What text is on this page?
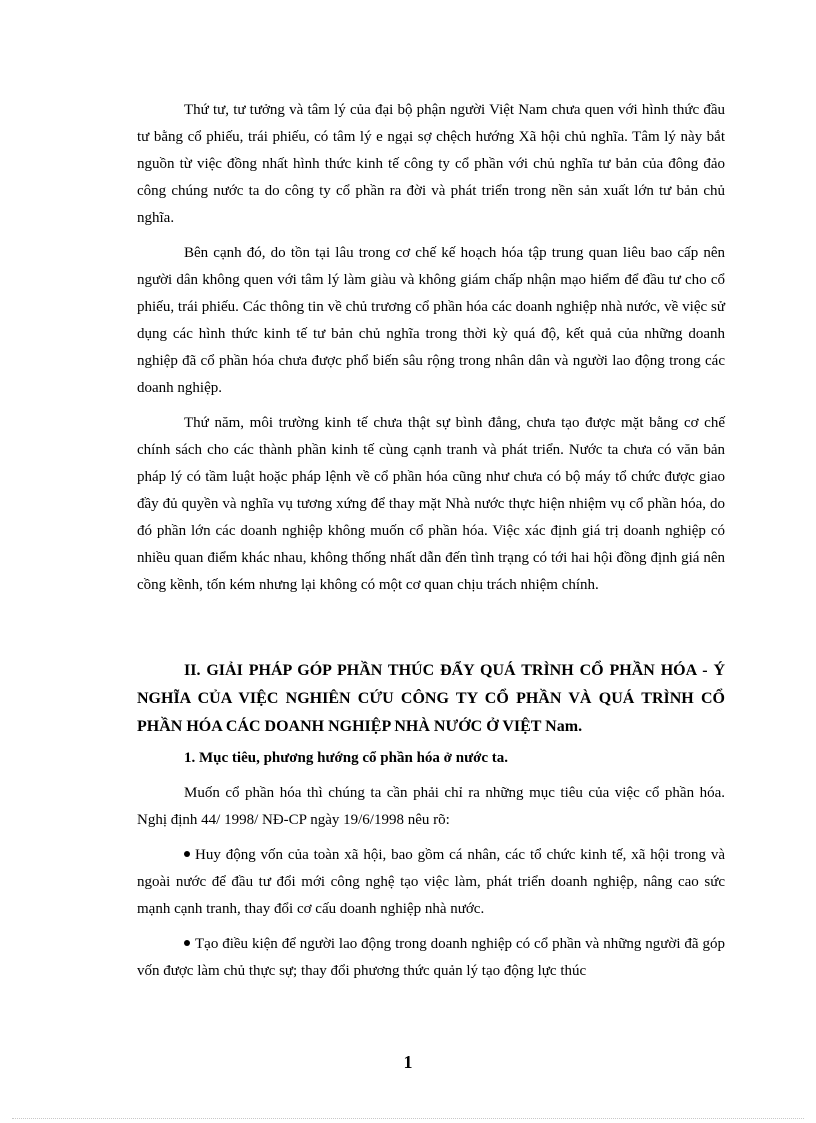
Thứ tư, tư tưởng và tâm lý của đại bộ phận người Việt Nam chưa quen với hình thức đầu tư bằng cổ phiếu, trái phiếu, có tâm lý e ngại sợ chệch hướng Xã hội chủ nghĩa. Tâm lý này bắt nguồn từ việc đồng nhất hình thức kinh tế công ty cổ phần với chủ nghĩa tư bản của đông đảo công chúng nước ta do công ty cổ phần ra đời và phát triển trong nền sản xuất lớn tư bản chủ nghĩa.

Bên cạnh đó, do tồn tại lâu trong cơ chế kế hoạch hóa tập trung quan liêu bao cấp nên người dân không quen với tâm lý làm giàu và không giám chấp nhận mạo hiểm để đầu tư cho cổ phiếu, trái phiếu. Các thông tin về chủ trương cổ phần hóa các doanh nghiệp nhà nước, về việc sử dụng các hình thức kinh tế tư bản chủ nghĩa trong thời kỳ quá độ, kết quả của những doanh nghiệp đã cổ phần hóa chưa được phổ biến sâu rộng trong nhân dân và người lao động trong các doanh nghiệp.

Thứ năm, môi trường kinh tế chưa thật sự bình đẳng, chưa tạo được mặt bằng cơ chế chính sách cho các thành phần kinh tế cùng cạnh tranh và phát triển. Nước ta chưa có văn bản pháp lý có tầm luật hoặc pháp lệnh về cổ phần hóa cũng như chưa có bộ máy tổ chức được giao đầy đủ quyền và nghĩa vụ tương xứng để thay mặt Nhà nước thực hiện nhiệm vụ cổ phần hóa, do đó phần lớn các doanh nghiệp không muốn cổ phần hóa. Việc xác định giá trị doanh nghiệp có nhiều quan điểm khác nhau, không thống nhất dẫn đến tình trạng có tới hai hội đồng định giá nên cồng kềnh, tốn kém nhưng lại không có một cơ quan chịu trách nhiệm chính.

II. GIẢI PHÁP GÓP PHẦN THÚC ĐẨY QUÁ TRÌNH CỔ PHẦN HÓA - Ý NGHĨA CỦA VIỆC NGHIÊN CỨU CÔNG TY CỔ PHẦN VÀ QUÁ TRÌNH CỔ PHẦN HÓA CÁC DOANH NGHIỆP NHÀ NƯỚC Ở VIỆT Nam.

1. Mục tiêu, phương hướng cổ phần hóa ở nước ta.

Muốn cổ phần hóa thì chúng ta cần phải chỉ ra những mục tiêu của việc cổ phần hóa. Nghị định 44/ 1998/ NĐ-CP ngày 19/6/1998 nêu rõ:

Huy động vốn của toàn xã hội, bao gồm cá nhân, các tổ chức kinh tế, xã hội trong và ngoài nước để đầu tư đổi mới công nghệ tạo việc làm, phát triển doanh nghiệp, nâng cao sức mạnh cạnh tranh, thay đổi cơ cấu doanh nghiệp nhà nước.

Tạo điều kiện để người lao động trong doanh nghiệp có cổ phần và những người đã góp vốn được làm chủ thực sự; thay đổi phương thức quản lý tạo động lực thúc

1
